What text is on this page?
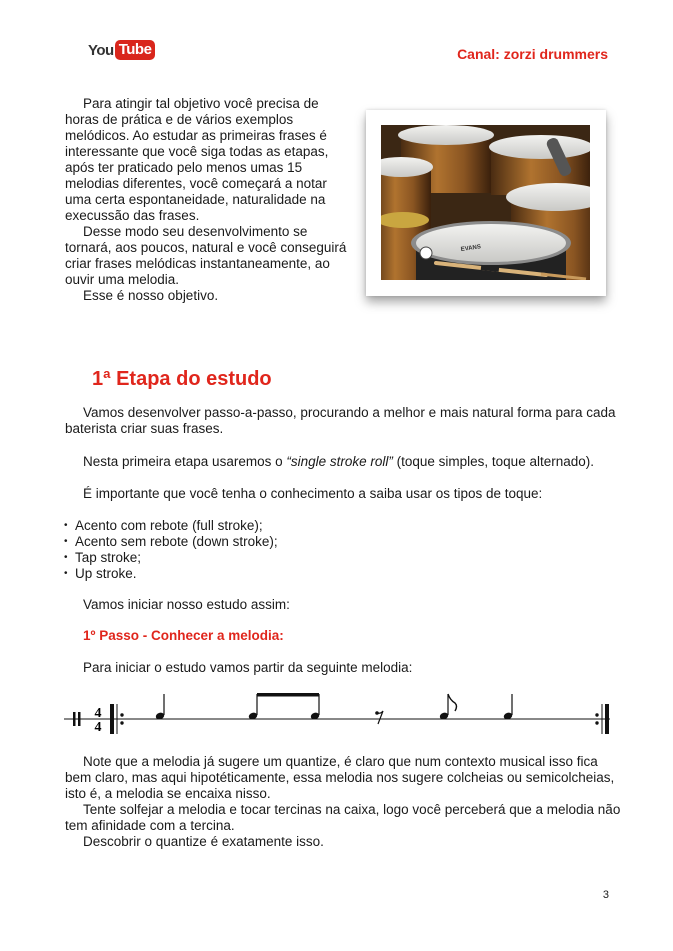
You Tube	Canal: zorzi drummers

Para atingir tal objetivo você precisa de horas de prática e de vários exemplos melódicos. Ao estudar as primeiras frases é interessante que você siga todas as etapas, após ter praticado pelo menos umas 15 melodias diferentes, você começará a notar uma certa espontaneidade, naturalidade na execussão das frases.

Desse modo seu desenvolvimento se tornará, aos poucos, natural e você conseguirá criar frases melódicas instantaneamente, ao ouvir uma melodia.

Esse é nosso objetivo.

EVANS
1ª Etapa do estudo

Vamos desenvolver passo-a-passo, procurando a melhor e mais natural forma para cada baterista criar suas frases.

Nesta primeira etapa usaremos o “single stroke roll” (toque simples, toque alternado).

É importante que você tenha o conhecimento a saiba usar os tipos de toque:

• Acento com rebote (full stroke);
• Acento sem rebote (down stroke);
• Tap stroke;
• Up stroke.

Vamos iniciar nosso estudo assim:

1º Passo - Conhecer a melodia:

Para iniciar o estudo vamos partir da seguinte melodia:

4
4

Note que a melodia já sugere um quantize, é claro que num contexto musical isso fica bem claro, mas aqui hipotéticamente, essa melodia nos sugere colcheias ou semicolcheias, isto é, a melodia se encaixa nisso.

Tente solfejar a melodia e tocar tercinas na caixa, logo você perceberá que a melodia não tem afinidade com a tercina.

Descobrir o quantize é exatamente isso.

3
